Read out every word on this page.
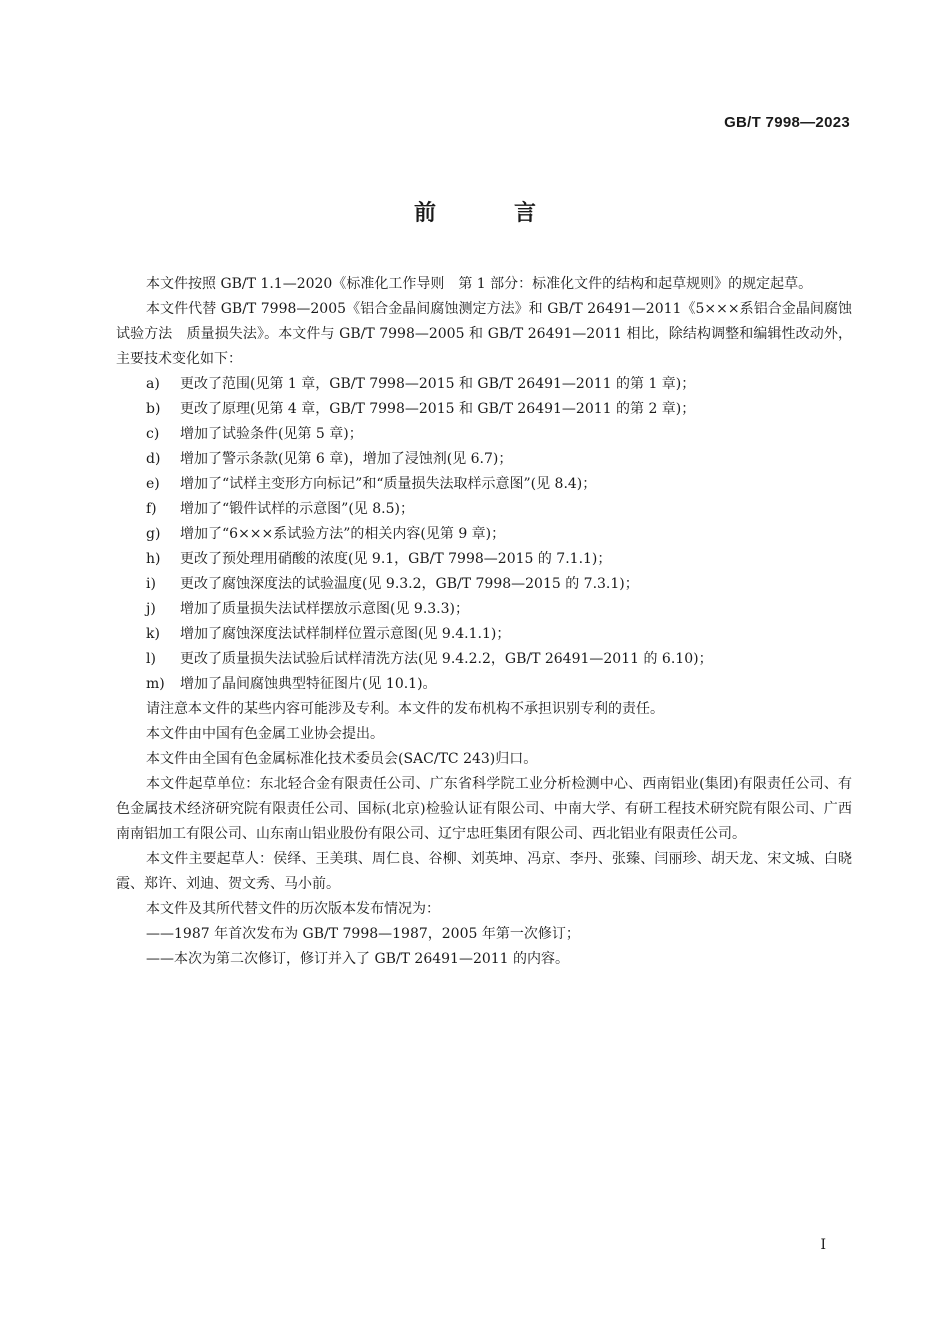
GB/T 7998—2023
前　言

本文件按照 GB/T 1.1—2020《标准化工作导则　第 1 部分：标准化文件的结构和起草规则》的规定起草。

本文件代替 GB/T 7998—2005《铝合金晶间腐蚀测定方法》和 GB/T 26491—2011《5×××系铝合金晶间腐蚀试验方法　质量损失法》。本文件与 GB/T 7998—2005 和 GB/T 26491—2011 相比，除结构调整和编辑性改动外，主要技术变化如下：

a) 更改了范围(见第 1 章，GB/T 7998—2015 和 GB/T 26491—2011 的第 1 章)；

b) 更改了原理(见第 4 章，GB/T 7998—2015 和 GB/T 26491—2011 的第 2 章)；

c) 增加了试验条件(见第 5 章)；

d) 增加了警示条款(见第 6 章)，增加了浸蚀剂(见 6.7)；

e) 增加了“试样主变形方向标记”和“质量损失法取样示意图”(见 8.4)；

f) 增加了“锻件试样的示意图”(见 8.5)；

g) 增加了“6×××系试验方法”的相关内容(见第 9 章)；

h) 更改了预处理用硝酸的浓度(见 9.1，GB/T 7998—2015 的 7.1.1)；

i) 更改了腐蚀深度法的试验温度(见 9.3.2，GB/T 7998—2015 的 7.3.1)；

j) 增加了质量损失法试样摆放示意图(见 9.3.3)；

k) 增加了腐蚀深度法试样制样位置示意图(见 9.4.1.1)；

l) 更改了质量损失法试验后试样清洗方法(见 9.4.2.2，GB/T 26491—2011 的 6.10)；

m) 增加了晶间腐蚀典型特征图片(见 10.1)。

请注意本文件的某些内容可能涉及专利。本文件的发布机构不承担识别专利的责任。

本文件由中国有色金属工业协会提出。

本文件由全国有色金属标准化技术委员会(SAC/TC 243)归口。

本文件起草单位：东北轻合金有限责任公司、广东省科学院工业分析检测中心、西南铝业(集团)有限责任公司、有色金属技术经济研究院有限责任公司、国标(北京)检验认证有限公司、中南大学、有研工程技术研究院有限公司、广西南南铝加工有限公司、山东南山铝业股份有限公司、辽宁忠旺集团有限公司、西北铝业有限责任公司。

本文件主要起草人：侯绎、王美琪、周仁良、谷柳、刘英坤、冯京、李丹、张臻、闫丽珍、胡天龙、宋文城、白晓霞、郑许、刘迪、贺文秀、马小前。

本文件及其所代替文件的历次版本发布情况为：

——1987 年首次发布为 GB/T 7998—1987，2005 年第一次修订；

——本次为第二次修订，修订并入了 GB/T 26491—2011 的内容。

I
